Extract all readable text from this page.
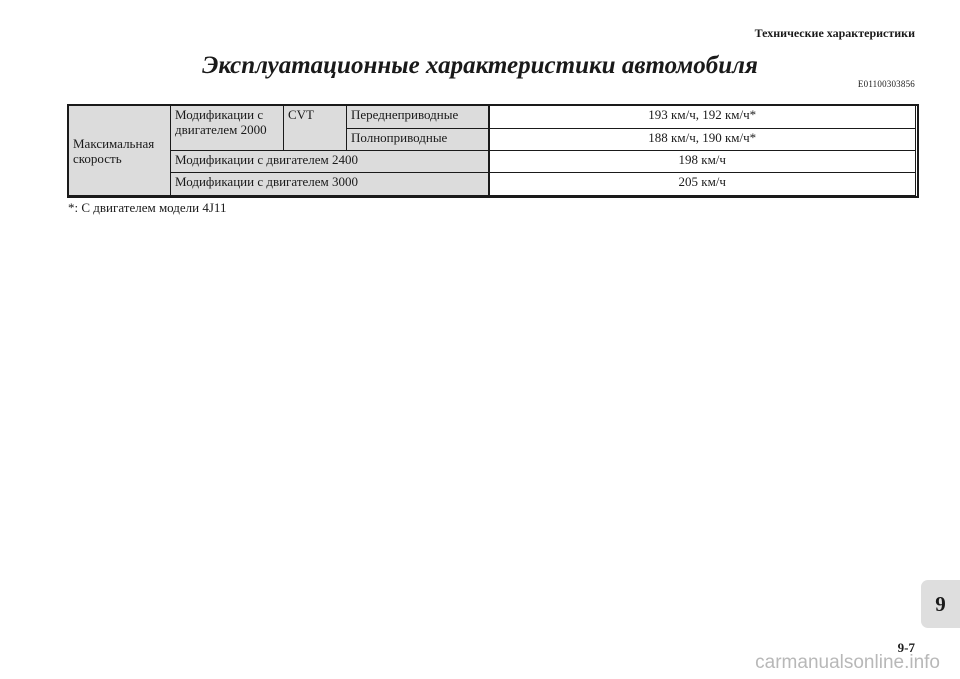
Технические характеристики
Эксплуатационные характеристики автомобиля
E01100303856
Максимальная скорость	Модификации с двигателем 2000	CVT	Переднеприводные	193 км/ч, 192 км/ч*
			Полноприводные	188 км/ч, 190 км/ч*
	Модификации с двигателем 2400			198 км/ч
	Модификации с двигателем 3000			205 км/ч
*: С двигателем модели 4J11
9
9-7
carmanualsonline.info
